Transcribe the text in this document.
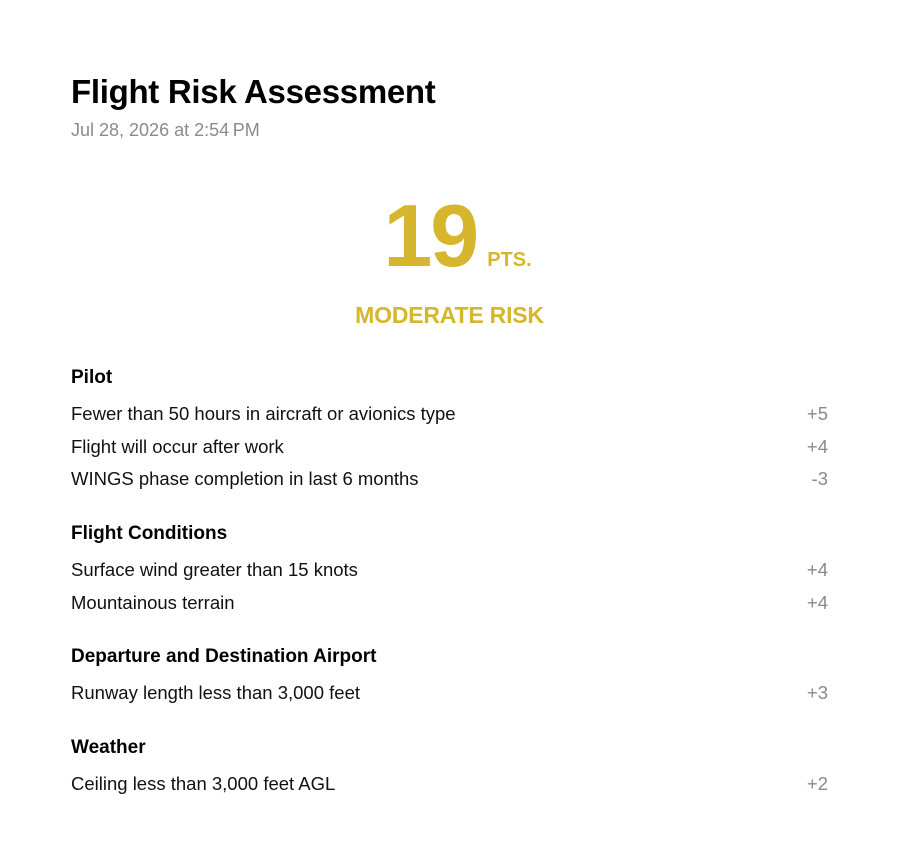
Flight Risk Assessment
Jul 28, 2026 at 2:54 PM
19 PTS.
MODERATE RISK
Pilot
Fewer than 50 hours in aircraft or avionics type	+5
Flight will occur after work	+4
WINGS phase completion in last 6 months	-3
Flight Conditions
Surface wind greater than 15 knots	+4
Mountainous terrain	+4
Departure and Destination Airport
Runway length less than 3,000 feet	+3
Weather
Ceiling less than 3,000 feet AGL	+2
